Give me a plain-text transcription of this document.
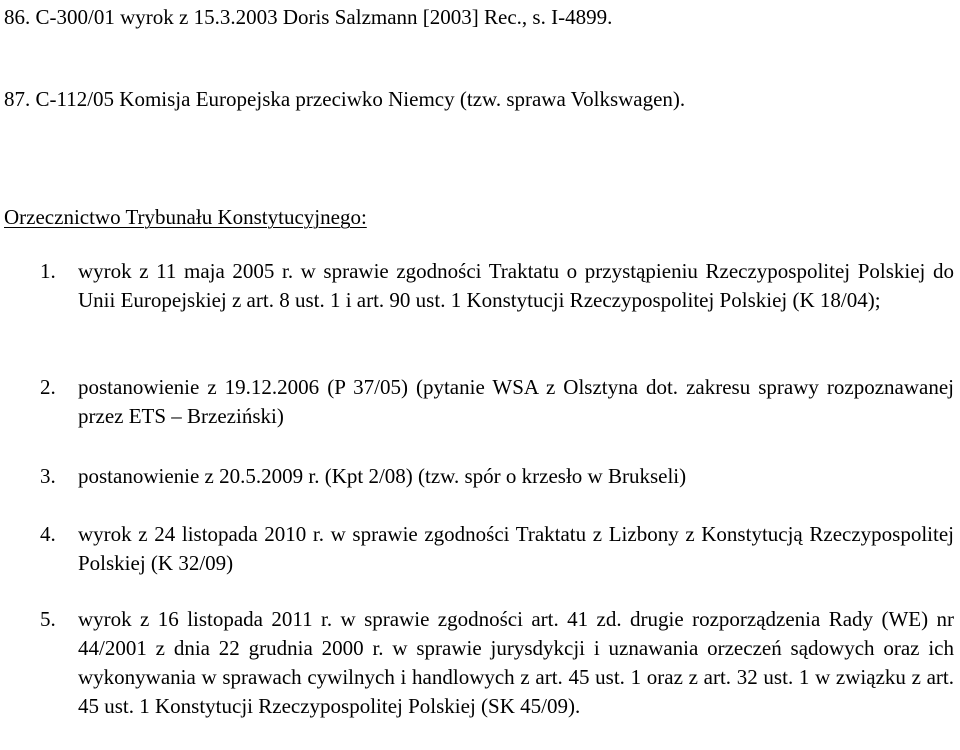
86. C-300/01 wyrok z 15.3.2003 Doris Salzmann [2003] Rec., s. I-4899.
87. C-112/05 Komisja Europejska przeciwko Niemcy (tzw. sprawa Volkswagen).
Orzecznictwo Trybunału Konstytucyjnego:
1. wyrok z 11 maja 2005 r. w sprawie zgodności Traktatu o przystąpieniu Rzeczypospolitej Polskiej do Unii Europejskiej z art. 8 ust. 1 i art. 90 ust. 1 Konstytucji Rzeczypospolitej Polskiej (K 18/04);
2. postanowienie z 19.12.2006 (P 37/05) (pytanie WSA z Olsztyna dot. zakresu sprawy rozpoznawanej przez ETS – Brzeziński)
3. postanowienie z 20.5.2009 r. (Kpt 2/08) (tzw. spór o krzesło w Brukseli)
4. wyrok z 24 listopada 2010 r. w sprawie zgodności Traktatu z Lizbony z Konstytucją Rzeczypospolitej Polskiej (K 32/09)
5. wyrok z 16 listopada 2011 r. w sprawie zgodności art. 41 zd. drugie rozporządzenia Rady (WE) nr 44/2001 z dnia 22 grudnia 2000 r. w sprawie jurysdykcji i uznawania orzeczeń sądowych oraz ich wykonywania w sprawach cywilnych i handlowych z art. 45 ust. 1 oraz z art. 32 ust. 1 w związku z art. 45 ust. 1 Konstytucji Rzeczypospolitej Polskiej (SK 45/09).
